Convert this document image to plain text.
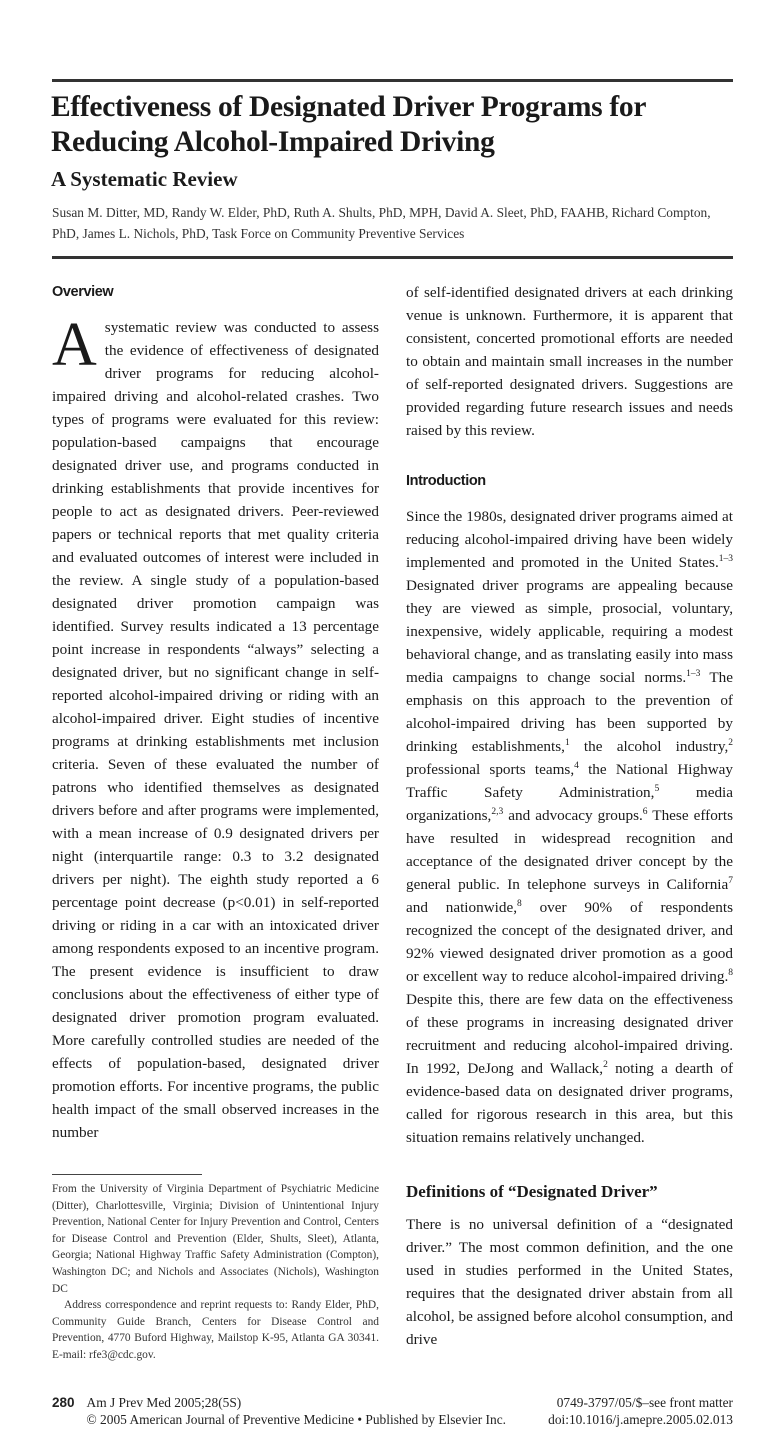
Effectiveness of Designated Driver Programs for Reducing Alcohol-Impaired Driving
A Systematic Review
Susan M. Ditter, MD, Randy W. Elder, PhD, Ruth A. Shults, PhD, MPH, David A. Sleet, PhD, FAAHB, Richard Compton, PhD, James L. Nichols, PhD, Task Force on Community Preventive Services

Overview

Asystematic review was conducted to assess the evidence of effectiveness of designated driver programs for reducing alcohol-impaired driving and alcohol-related crashes. Two types of programs were evaluated for this review: population-based campaigns that encourage designated driver use, and programs conducted in drinking establishments that provide incentives for people to act as designated drivers. Peer-reviewed papers or technical reports that met quality criteria and evaluated outcomes of interest were included in the review. A single study of a population-based designated driver promotion campaign was identified. Survey results indicated a 13 percentage point increase in respondents “always” selecting a designated driver, but no significant change in self-reported alcohol-impaired driving or riding with an alcohol-impaired driver. Eight studies of incentive programs at drinking establishments met inclusion criteria. Seven of these evaluated the number of patrons who identified themselves as designated drivers before and after programs were implemented, with a mean increase of 0.9 designated drivers per night (interquartile range: 0.3 to 3.2 designated drivers per night). The eighth study reported a 6 percentage point decrease (p<0.01) in self-reported driving or riding in a car with an intoxicated driver among respondents exposed to an incentive program. The present evidence is insufficient to draw conclusions about the effectiveness of either type of designated driver promotion program evaluated. More carefully controlled studies are needed of the effects of population-based, designated driver promotion efforts. For incentive programs, the public health impact of the small observed increases in the number

From the University of Virginia Department of Psychiatric Medicine (Ditter), Charlottesville, Virginia; Division of Unintentional Injury Prevention, National Center for Injury Prevention and Control, Centers for Disease Control and Prevention (Elder, Shults, Sleet), Atlanta, Georgia; National Highway Traffic Safety Administration (Compton), Washington DC; and Nichols and Associates (Nichols), Washington DC

Address correspondence and reprint requests to: Randy Elder, PhD, Community Guide Branch, Centers for Disease Control and Prevention, 4770 Buford Highway, Mailstop K-95, Atlanta GA 30341. E-mail: rfe3@cdc.gov.

of self-identified designated drivers at each drinking venue is unknown. Furthermore, it is apparent that consistent, concerted promotional efforts are needed to obtain and maintain small increases in the number of self-reported designated drivers. Suggestions are provided regarding future research issues and needs raised by this review.

Introduction

Since the 1980s, designated driver programs aimed at reducing alcohol-impaired driving have been widely implemented and promoted in the United States.$^{1-3}$ Designated driver programs are appealing because they are viewed as simple, prosocial, voluntary, inexpensive, widely applicable, requiring a modest behavioral change, and as translating easily into mass media campaigns to change social norms.$^{1-3}$ The emphasis on this approach to the prevention of alcohol-impaired driving has been supported by drinking establishments,$^1$ the alcohol industry,$^2$ professional sports teams,$^4$ the National Highway Traffic Safety Administration,$^5$ media organizations,$^{2,3}$ and advocacy groups.$^6$ These efforts have resulted in widespread recognition and acceptance of the designated driver concept by the general public. In telephone surveys in California$^7$ and nationwide,$^8$ over 90% of respondents recognized the concept of the designated driver, and 92% viewed designated driver promotion as a good or excellent way to reduce alcohol-impaired driving.$^8$ Despite this, there are few data on the effectiveness of these programs in increasing designated driver recruitment and reducing alcohol-impaired driving. In 1992, DeJong and Wallack,$^2$ noting a dearth of evidence-based data on designated driver programs, called for rigorous research in this area, but this situation remains relatively unchanged.

Definitions of “Designated Driver”

There is no universal definition of a “designated driver.” The most common definition, and the one used in studies performed in the United States, requires that the designated driver abstain from all alcohol, be assigned before alcohol consumption, and drive

280 Am J Prev Med 2005;28(5S)
© 2005 American Journal of Preventive Medicine • Published by Elsevier Inc.
0749-3797/05/$–see front matter
doi:10.1016/j.amepre.2005.02.013
